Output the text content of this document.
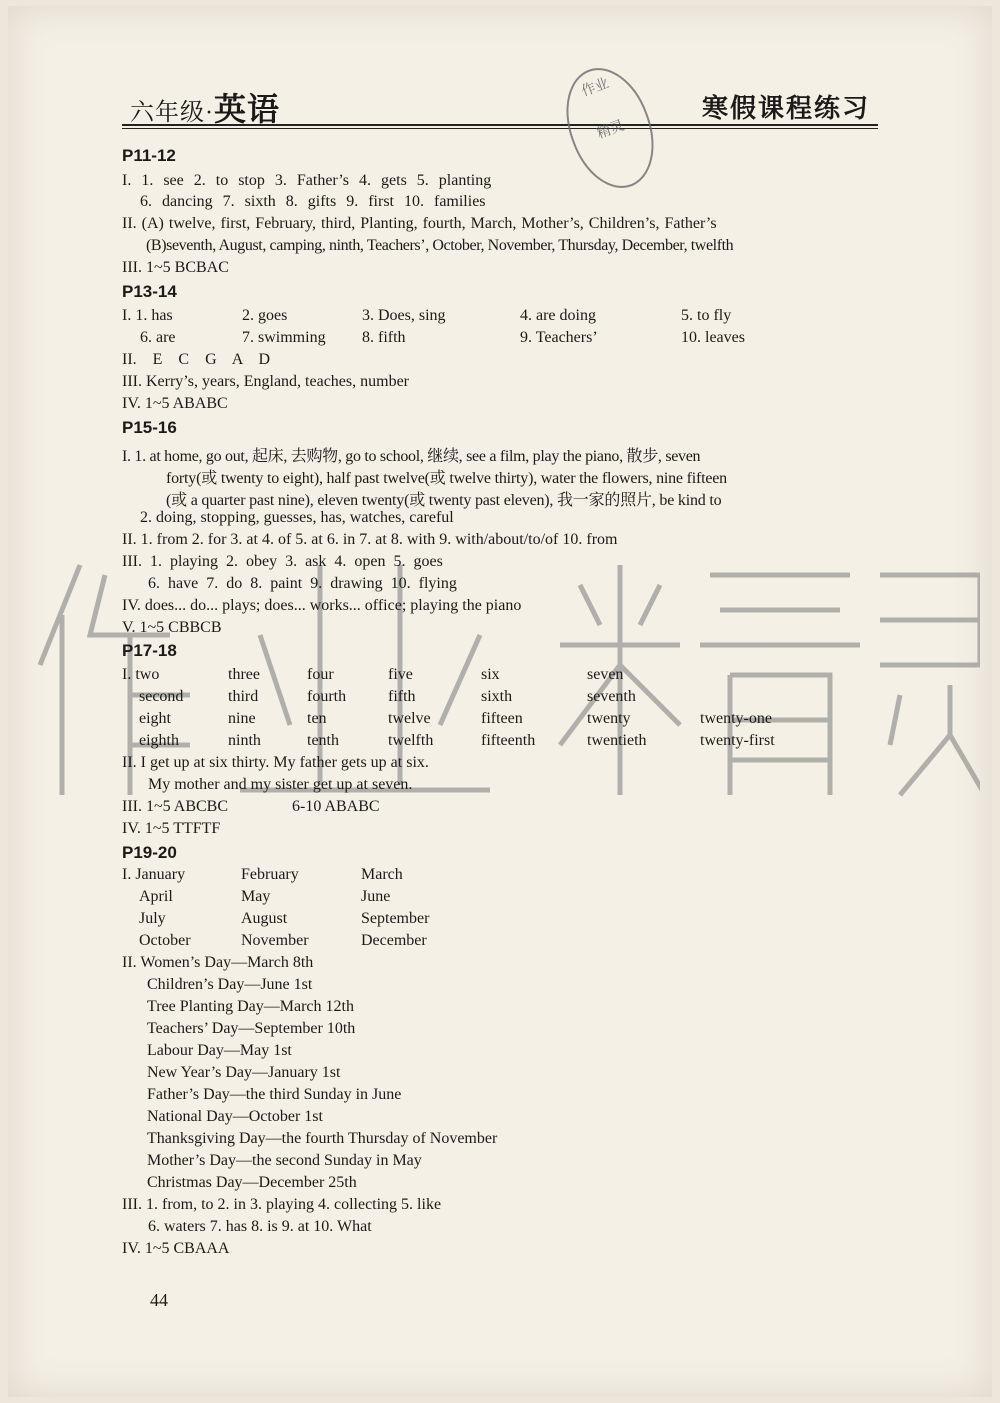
六年级·英语	寒假课程练习
作业
精灵
P11-12
I. 1. see 2. to stop 3. Father’s 4. gets 5. planting
6. dancing 7. sixth 8. gifts 9. first 10. families
II. (A) twelve, first, February, third, Planting, fourth, March, Mother’s, Children’s, Father’s
(B)seventh, August, camping, ninth, Teachers’, October, November, Thursday, December, twelfth
III. 1~5 BCBAC
P13-14
I. 1. has	2. goes	3. Does, sing	4. are doing	5. to fly
6. are	7. swimming 8. fifth	9. Teachers’	10. leaves
II. E C G A D
III. Kerry’s, years, England, teaches, number
IV. 1~5 ABABC
P15-16
I. 1. at home, go out, 起床, 去购物, go to school, 继续, see a film, play the piano, 散步, seven
forty(或 twenty to eight), half past twelve(或 twelve thirty), water the flowers, nine fifteen
(或 a quarter past nine), eleven twenty(或 twenty past eleven), 我一家的照片, be kind to
2. doing, stopping, guesses, has, watches, careful
II. 1. from 2. for 3. at 4. of 5. at 6. in 7. at 8. with 9. with/about/to/of 10. from
III. 1. playing 2. obey 3. ask 4. open 5. goes
6. have 7. do 8. paint 9. drawing 10. flying
IV. does... do... plays; does... works... office; playing the piano
V. 1~5 CBBCB
P17-18
I. two	three	four	five	six	seven
second	third	fourth	fifth	sixth	seventh
eight	nine	ten	twelve	fifteen	twenty	twenty-one
eighth	ninth	tenth	twelfth	fifteenth	twentieth	twenty-first
II. I get up at six thirty. My father gets up at six.
My mother and my sister get up at seven.
III. 1~5 ABCBC	6-10 ABABC
IV. 1~5 TTFTF
P19-20
I. January	February	March
April	May	June
July	August	September
October	November	December
II. Women’s Day—March 8th
Children’s Day—June 1st
Tree Planting Day—March 12th
Teachers’ Day—September 10th
Labour Day—May 1st
New Year’s Day—January 1st
Father’s Day—the third Sunday in June
National Day—October 1st
Thanksgiving Day—the fourth Thursday of November
Mother’s Day—the second Sunday in May
Christmas Day—December 25th
III. 1. from, to 2. in 3. playing 4. collecting 5. like
6. waters 7. has 8. is 9. at 10. What
IV. 1~5 CBAAA
44
